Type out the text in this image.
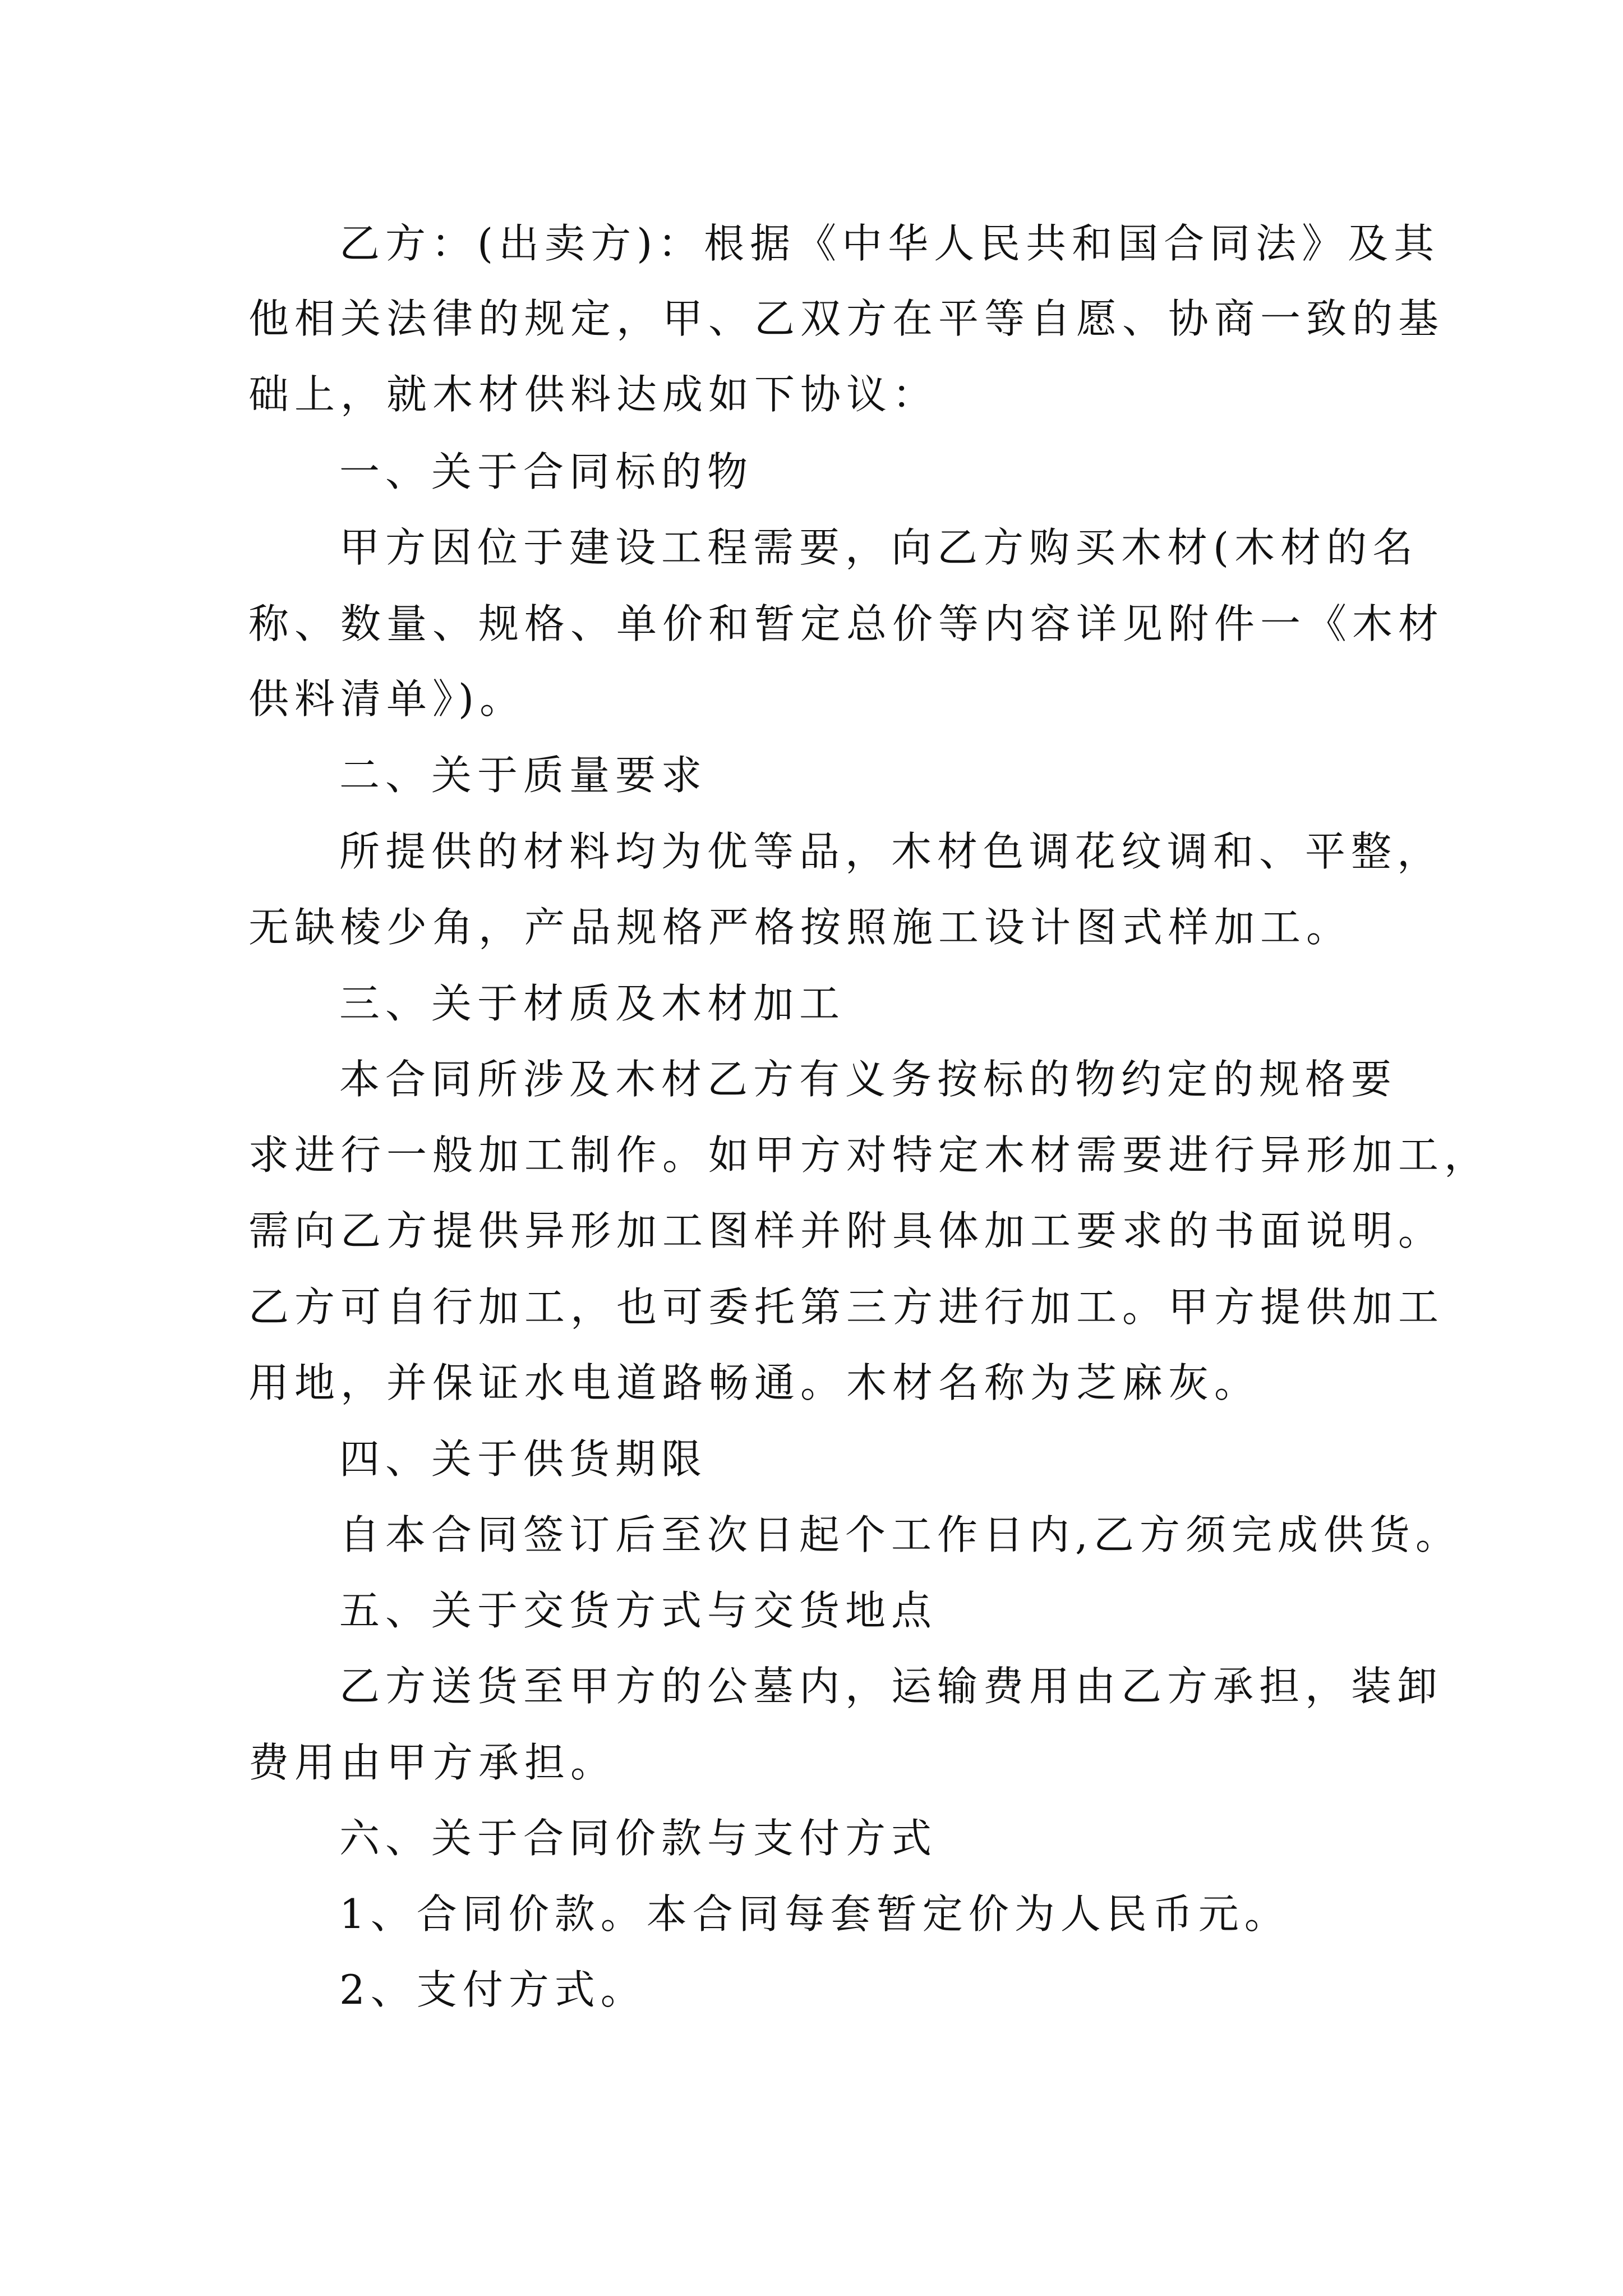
乙方：(出卖方)：根据《中华人民共和国合同法》及其

他相关法律的规定，甲、乙双方在平等自愿、协商一致的基

础上，就木材供料达成如下协议：

一、关于合同标的物

甲方因位于建设工程需要，向乙方购买木材(木材的名

称、数量、规格、单价和暂定总价等内容详见附件一《木材

供料清单》)。

二、关于质量要求

所提供的材料均为优等品，木材色调花纹调和、平整，

无缺棱少角，产品规格严格按照施工设计图式样加工。

三、关于材质及木材加工

本合同所涉及木材乙方有义务按标的物约定的规格要

求进行一般加工制作。如甲方对特定木材需要进行异形加工，

需向乙方提供异形加工图样并附具体加工要求的书面说明。

乙方可自行加工，也可委托第三方进行加工。甲方提供加工

用地，并保证水电道路畅通。木材名称为芝麻灰。

四、关于供货期限

自本合同签订后至次日起个工作日内,乙方须完成供货。

五、关于交货方式与交货地点

乙方送货至甲方的公墓内，运输费用由乙方承担，装卸

费用由甲方承担。

六、关于合同价款与支付方式

1、合同价款。本合同每套暂定价为人民币元。

2、支付方式。
